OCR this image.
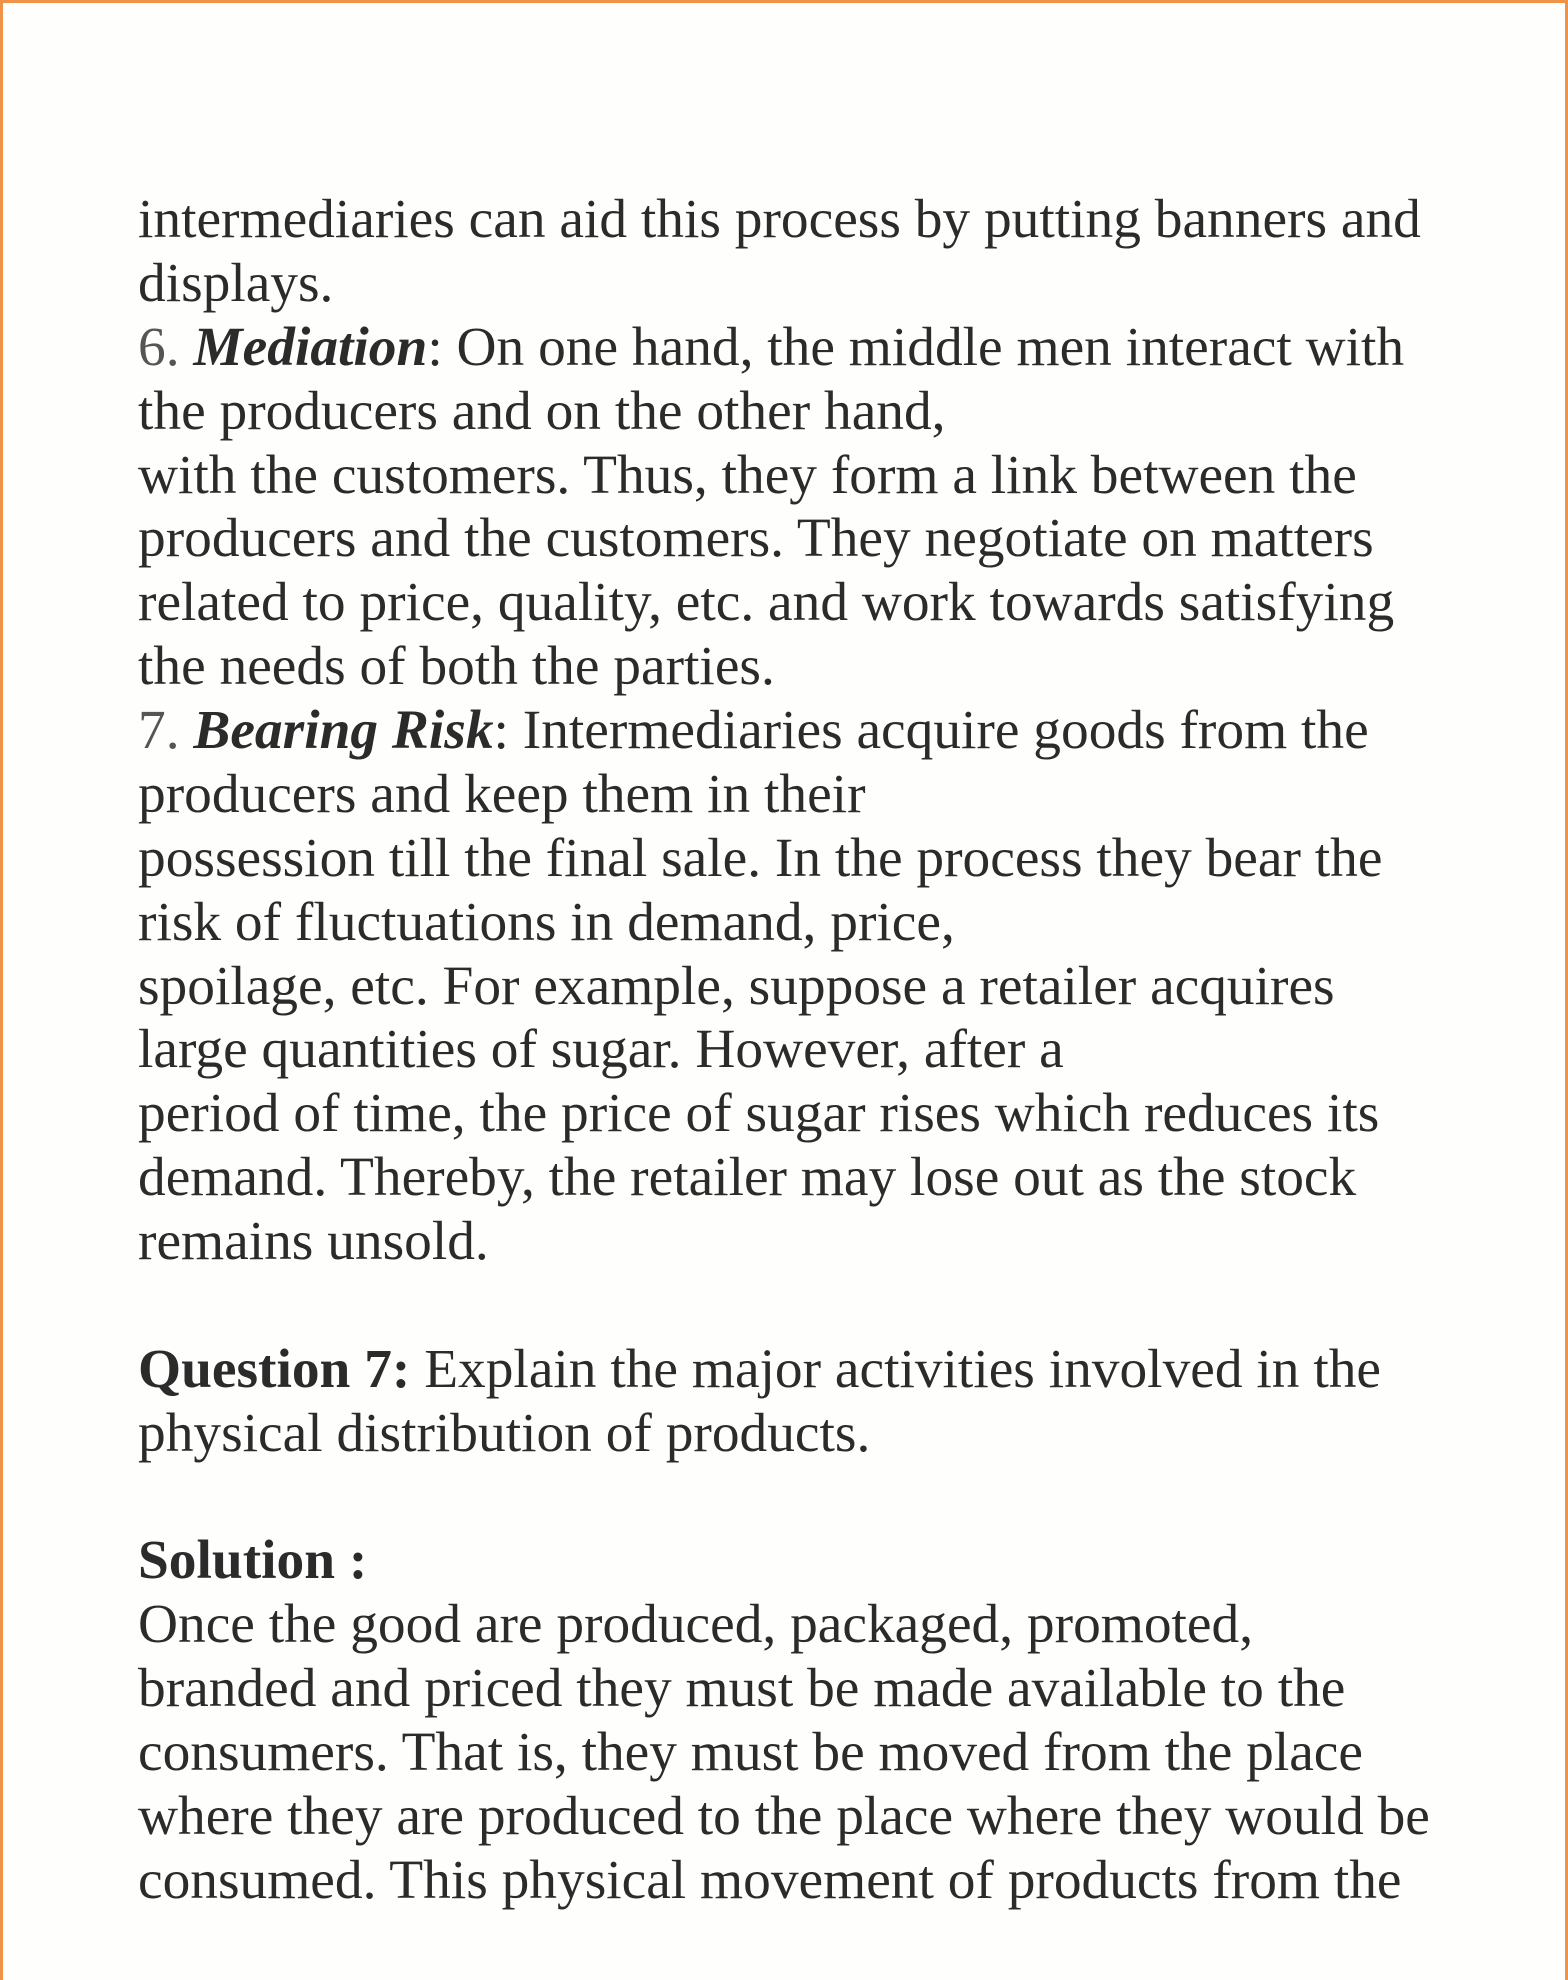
intermediaries can aid this process by putting banners and
displays.
6. Mediation: On one hand, the middle men interact with
the producers and on the other hand,
with the customers. Thus, they form a link between the
producers and the customers. They negotiate on matters
related to price, quality, etc. and work towards satisfying
the needs of both the parties.
7. Bearing Risk: Intermediaries acquire goods from the
producers and keep them in their
possession till the final sale. In the process they bear the
risk of fluctuations in demand, price,
spoilage, etc. For example, suppose a retailer acquires
large quantities of sugar. However, after a
period of time, the price of sugar rises which reduces its
demand. Thereby, the retailer may lose out as the stock
remains unsold.
Question 7: Explain the major activities involved in the
physical distribution of products.
Solution :
Once the good are produced, packaged, promoted,
branded and priced they must be made available to the
consumers. That is, they must be moved from the place
where they are produced to the place where they would be
consumed. This physical movement of products from the
